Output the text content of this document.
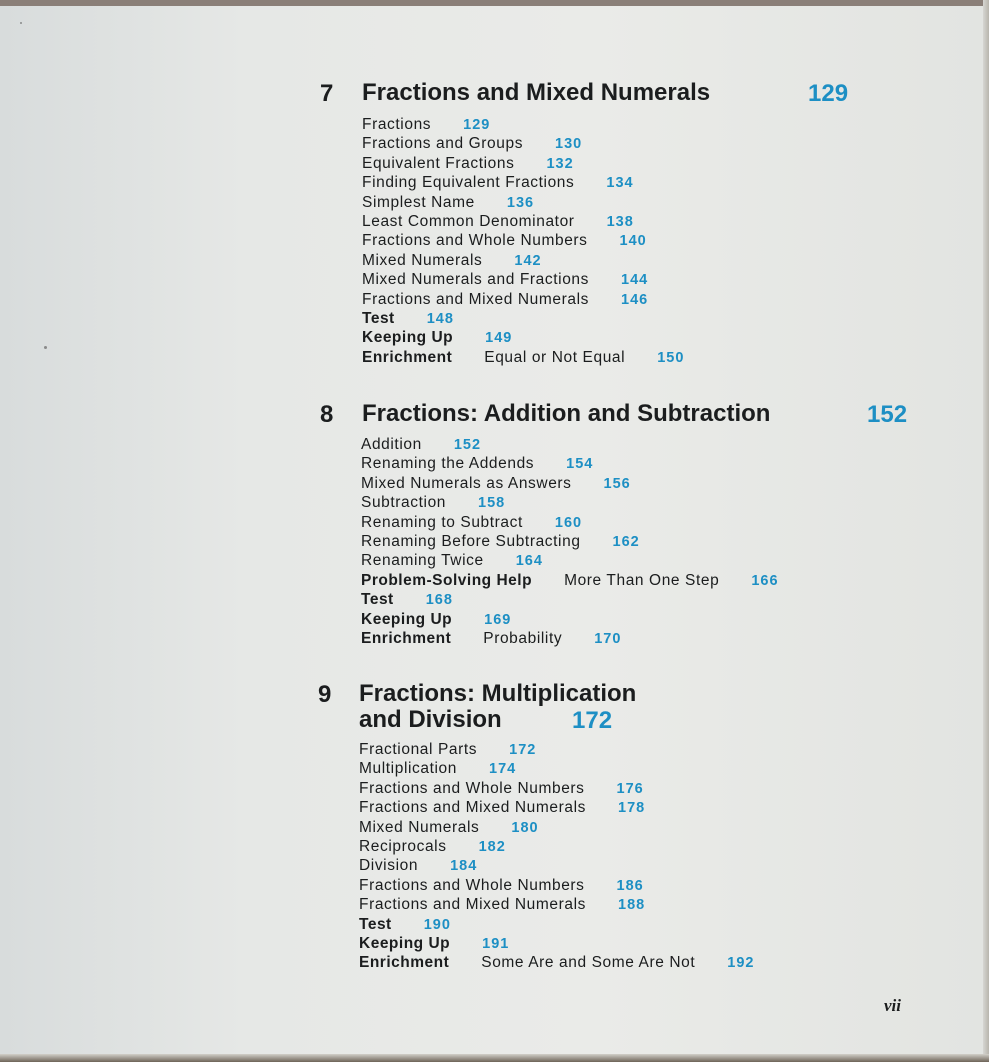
7 Fractions and Mixed Numerals	129
Fractions 129
Fractions and Groups 130
Equivalent Fractions 132
Finding Equivalent Fractions 134
Simplest Name 136
Least Common Denominator 138
Fractions and Whole Numbers 140
Mixed Numerals 142
Mixed Numerals and Fractions 144
Fractions and Mixed Numerals 146
Test 148
Keeping Up 149
Enrichment Equal or Not Equal 150
8 Fractions: Addition and Subtraction	152
Addition 152
Renaming the Addends 154
Mixed Numerals as Answers 156
Subtraction 158
Renaming to Subtract 160
Renaming Before Subtracting 162
Renaming Twice 164
Problem-Solving Help More Than One Step 166
Test 168
Keeping Up 169
Enrichment Probability 170
9 Fractions: Multiplication
and Division	172
Fractional Parts 172
Multiplication 174
Fractions and Whole Numbers 176
Fractions and Mixed Numerals 178
Mixed Numerals 180
Reciprocals 182
Division 184
Fractions and Whole Numbers 186
Fractions and Mixed Numerals 188
Test 190
Keeping Up 191
Enrichment Some Are and Some Are Not 192
vii
